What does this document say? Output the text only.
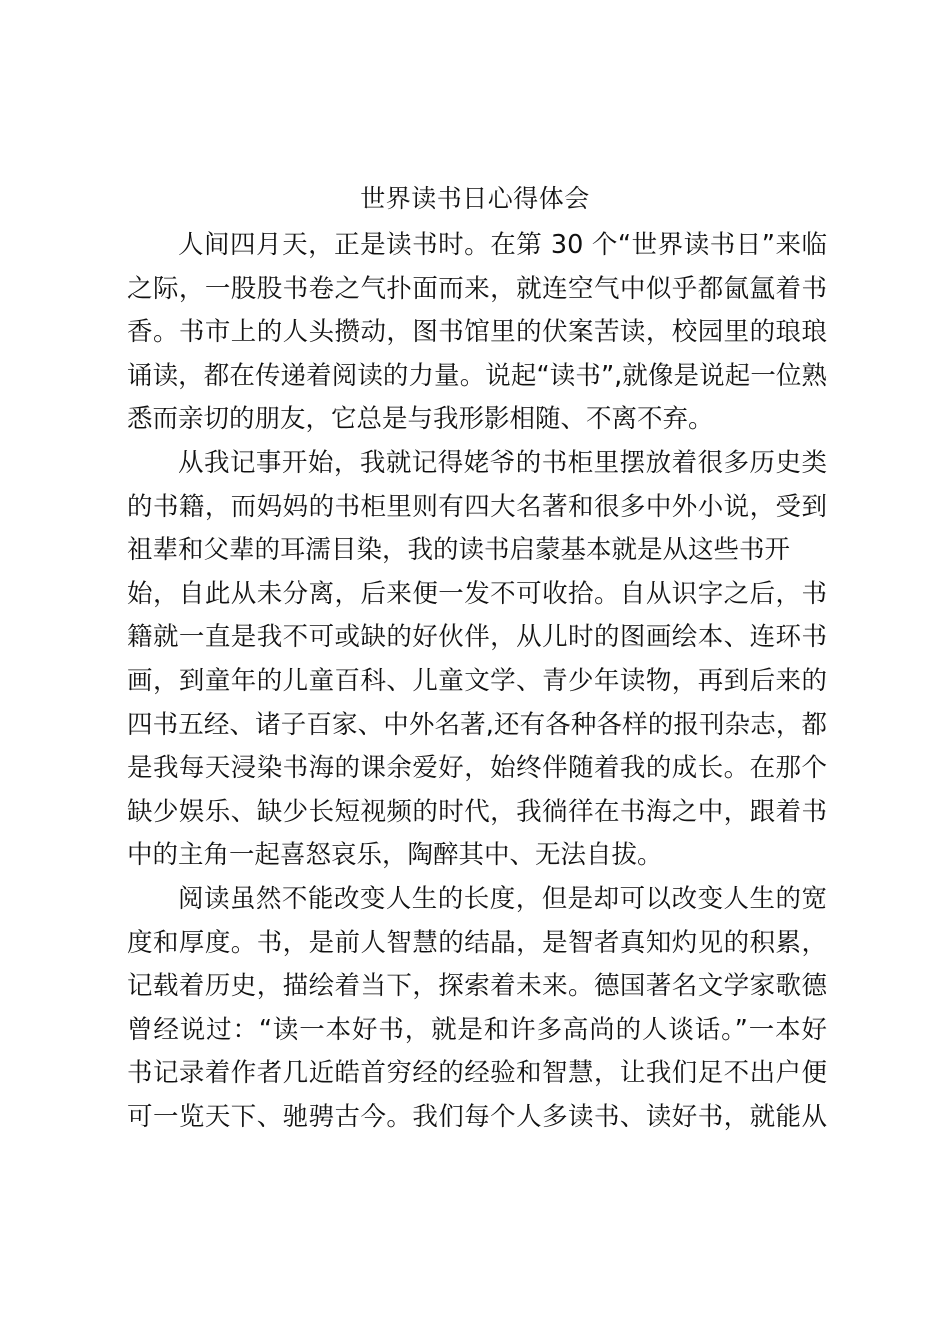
世界读书日心得体会
人间四月天，正是读书时。在第 30 个“世界读书日”来临
之际，一股股书卷之气扑面而来，就连空气中似乎都氤氲着书
香。书市上的人头攒动，图书馆里的伏案苦读，校园里的琅琅
诵读，都在传递着阅读的力量。说起“读书”,就像是说起一位熟
悉而亲切的朋友，它总是与我形影相随、不离不弃。
从我记事开始，我就记得姥爷的书柜里摆放着很多历史类
的书籍，而妈妈的书柜里则有四大名著和很多中外小说，受到
祖辈和父辈的耳濡目染，我的读书启蒙基本就是从这些书开
始，自此从未分离，后来便一发不可收拾。自从识字之后，书
籍就一直是我不可或缺的好伙伴，从儿时的图画绘本、连环书
画，到童年的儿童百科、儿童文学、青少年读物，再到后来的
四书五经、诸子百家、中外名著,还有各种各样的报刊杂志，都
是我每天浸染书海的课余爱好，始终伴随着我的成长。在那个
缺少娱乐、缺少长短视频的时代，我徜徉在书海之中，跟着书
中的主角一起喜怒哀乐，陶醉其中、无法自拔。
阅读虽然不能改变人生的长度，但是却可以改变人生的宽
度和厚度。书，是前人智慧的结晶，是智者真知灼见的积累，
记载着历史，描绘着当下，探索着未来。德国著名文学家歌德
曾经说过：“读一本好书，就是和许多高尚的人谈话。”一本好
书记录着作者几近皓首穷经的经验和智慧，让我们足不出户便
可一览天下、驰骋古今。我们每个人多读书、读好书，就能从
